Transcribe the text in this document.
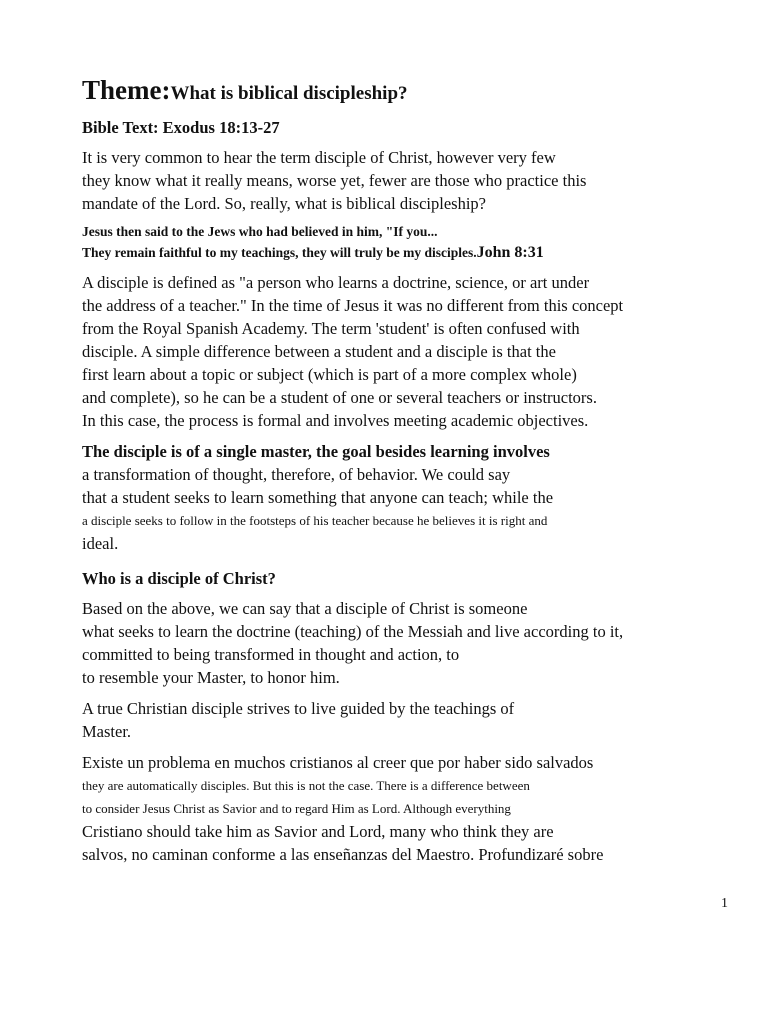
Theme:What is biblical discipleship?

Bible Text: Exodus 18:13-27

It is very common to hear the term disciple of Christ, however very few
they know what it really means, worse yet, fewer are those who practice this
mandate of the Lord. So, really, what is biblical discipleship?

Jesus then said to the Jews who had believed in him, "If you...
They remain faithful to my teachings, they will truly be my disciples.John 8:31

A disciple is defined as "a person who learns a doctrine, science, or art under
the address of a teacher." In the time of Jesus it was no different from this concept
from the Royal Spanish Academy. The term 'student' is often confused with
disciple. A simple difference between a student and a disciple is that the
first learn about a topic or subject (which is part of a more complex whole)
and complete), so he can be a student of one or several teachers or instructors.
In this case, the process is formal and involves meeting academic objectives.

The disciple is of a single master, the goal besides learning involves
a transformation of thought, therefore, of behavior. We could say
that a student seeks to learn something that anyone can teach; while the
a disciple seeks to follow in the footsteps of his teacher because he believes it is right and
ideal.

Who is a disciple of Christ?

Based on the above, we can say that a disciple of Christ is someone
what seeks to learn the doctrine (teaching) of the Messiah and live according to it,
committed to being transformed in thought and action, to
to resemble your Master, to honor him.

A true Christian disciple strives to live guided by the teachings of
Master.

Existe un problema en muchos cristianos al creer que por haber sido salvados
they are automatically disciples. But this is not the case. There is a difference between
to consider Jesus Christ as Savior and to regard Him as Lord. Although everything
Cristiano should take him as Savior and Lord, many who think they are
salvos, no caminan conforme a las enseñanzas del Maestro. Profundizaré sobre

1
